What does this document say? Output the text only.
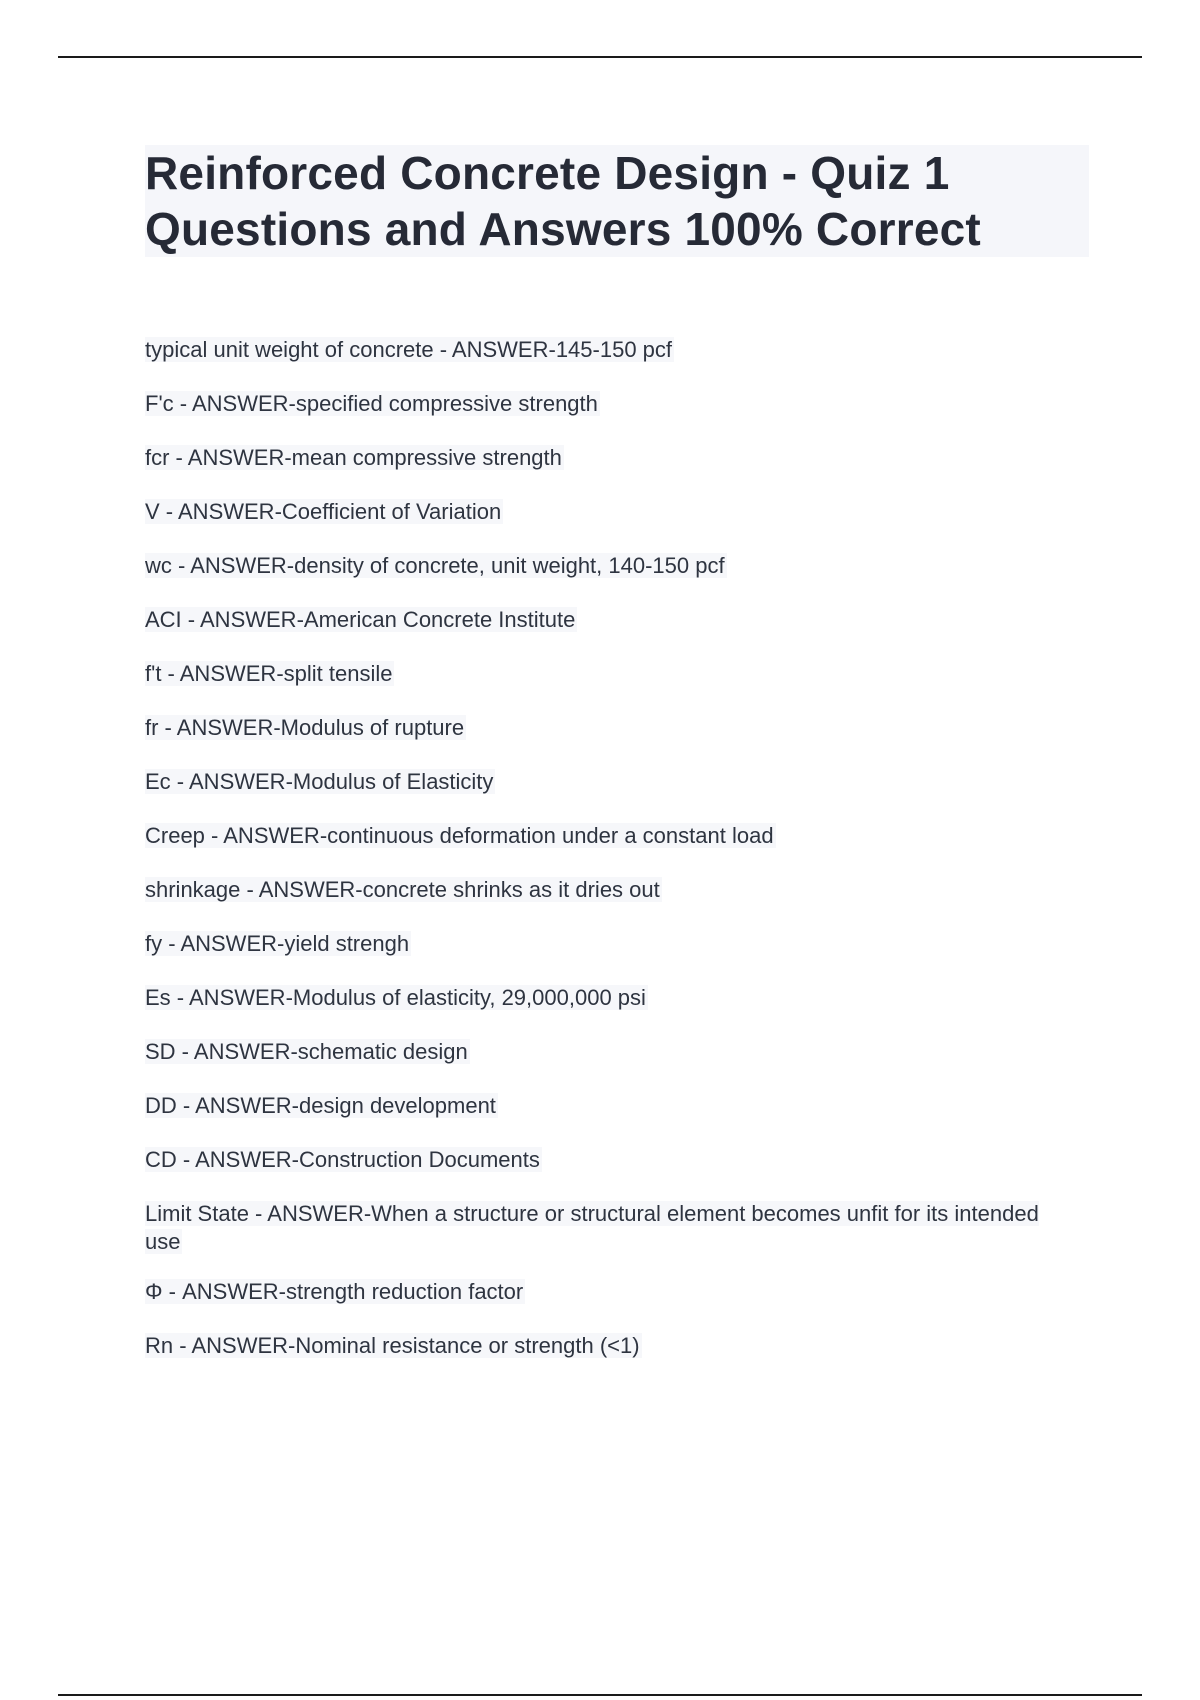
Reinforced Concrete Design - Quiz 1
Questions and Answers 100% Correct
typical unit weight of concrete - ANSWER-145-150 pcf
F'c - ANSWER-specified compressive strength
fcr - ANSWER-mean compressive strength
V - ANSWER-Coefficient of Variation
wc - ANSWER-density of concrete, unit weight, 140-150 pcf
ACI - ANSWER-American Concrete Institute
f't - ANSWER-split tensile
fr - ANSWER-Modulus of rupture
Ec - ANSWER-Modulus of Elasticity
Creep - ANSWER-continuous deformation under a constant load
shrinkage - ANSWER-concrete shrinks as it dries out
fy - ANSWER-yield strengh
Es - ANSWER-Modulus of elasticity, 29,000,000 psi
SD - ANSWER-schematic design
DD - ANSWER-design development
CD - ANSWER-Construction Documents
Limit State - ANSWER-When a structure or structural element becomes unfit for its intended use
Φ - ANSWER-strength reduction factor
Rn - ANSWER-Nominal resistance or strength (<1)
